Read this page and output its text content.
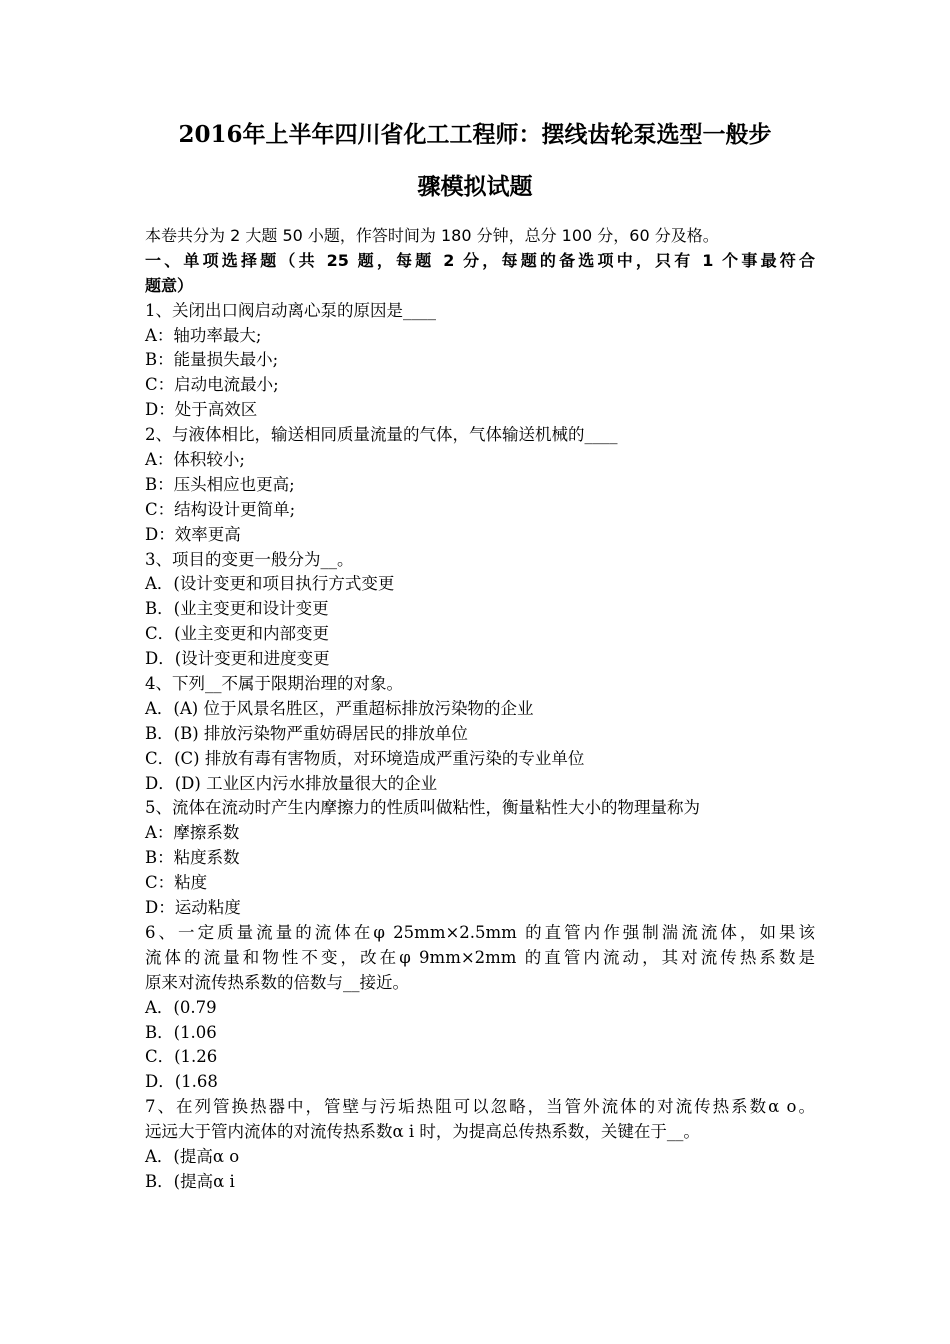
2016年上半年四川省化工工程师：摆线齿轮泵选型一般步
骤模拟试题
本卷共分为 2 大题 50 小题，作答时间为 180 分钟，总分 100 分，60 分及格。
一、单项选择题（共 25 题，每题 2 分，每题的备选项中，只有 1 个事最符合
题意）
1、关闭出口阀启动离心泵的原因是____
A：轴功率最大;
B：能量损失最小;
C：启动电流最小;
D：处于高效区
2、与液体相比，输送相同质量流量的气体，气体输送机械的____
A：体积较小;
B：压头相应也更高;
C：结构设计更简单;
D：效率更高
3、项目的变更一般分为__。
A．(设计变更和项目执行方式变更
B．(业主变更和设计变更
C．(业主变更和内部变更
D．(设计变更和进度变更
4、下列__不属于限期治理的对象。
A．(A) 位于风景名胜区，严重超标排放污染物的企业
B．(B) 排放污染物严重妨碍居民的排放单位
C．(C) 排放有毒有害物质，对环境造成严重污染的专业单位
D．(D) 工业区内污水排放量很大的企业
5、流体在流动时产生内摩擦力的性质叫做粘性，衡量粘性大小的物理量称为
A：摩擦系数
B：粘度系数
C：粘度
D：运动粘度
6、一定质量流量的流体在φ 25mm×2.5mm 的直管内作强制湍流流体，如果该
流体的流量和物性不变，改在φ 9mm×2mm 的直管内流动，其对流传热系数是
原来对流传热系数的倍数与__接近。
A．(0.79
B．(1.06
C．(1.26
D．(1.68
7、在列管换热器中，管壁与污垢热阻可以忽略，当管外流体的对流传热系数α o。
远远大于管内流体的对流传热系数α i 时，为提高总传热系数，关键在于__。
A．(提高α o
B．(提高α i
